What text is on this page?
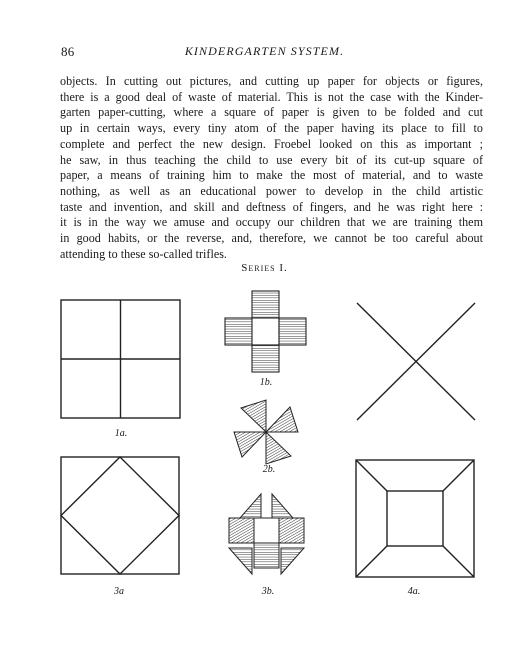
86	KINDERGARTEN SYSTEM.
objects. In cutting out pictures, and cutting up paper for objects or figures,
there is a good deal of waste of material. This is not the case with the Kinder-
garten paper-cutting, where a square of paper is given to be folded and cut
up in certain ways, every tiny atom of the paper having its place to fill to
complete and perfect the new design. Froebel looked on this as important ;
he saw, in thus teaching the child to use every bit of its cut-up square of
paper, a means of training him to make the most of material, and to waste
nothing, as well as an educational power to develop in the child artistic
taste and invention, and skill and deftness of fingers, and he was right here :
it is in the way we amuse and occupy our children that we are training them
in good habits, or the reverse, and, therefore, we cannot be too careful about
attending to these so-called trifles.
Series I.
1a.
1b.
2b.
3a	3b.	4a.
